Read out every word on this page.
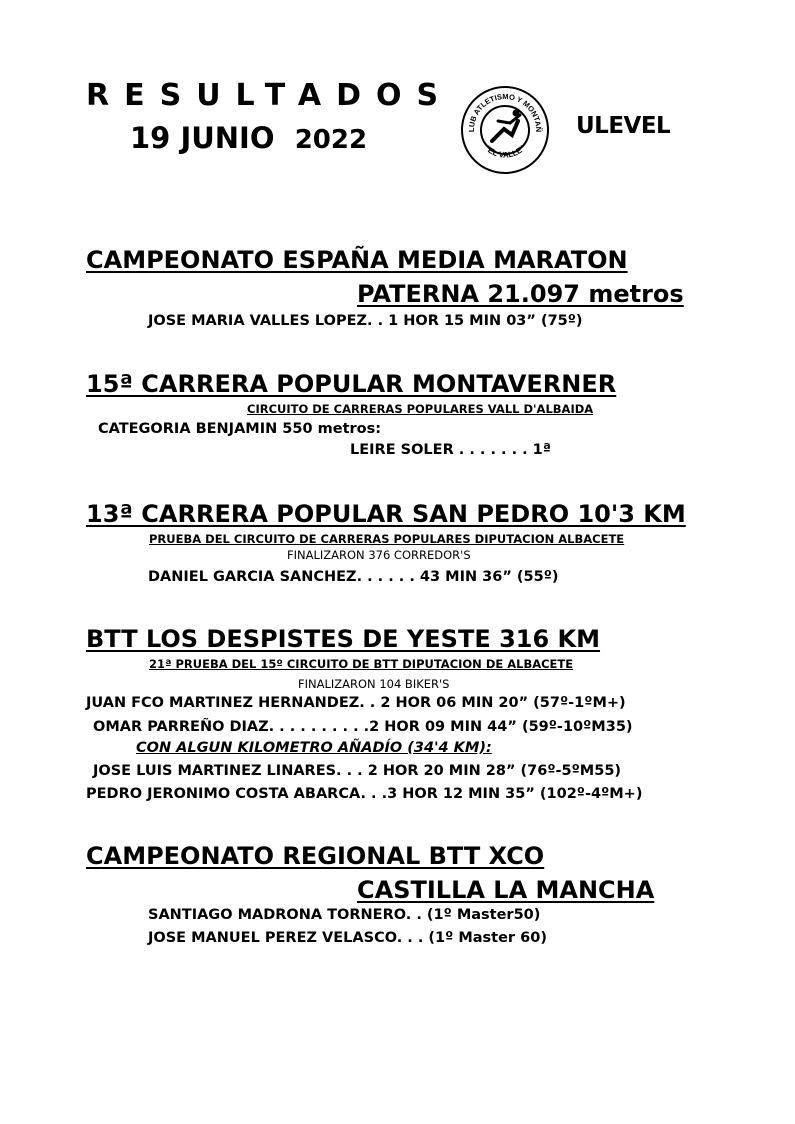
RESULTADOS
19 JUNIO 2022	LUB ATLETISMO Y MONTAÑ
"EL VALLE"
ULEVEL
CAMPEONATO ESPAÑA MEDIA MARATON
PATERNA 21.097 metros
JOSE MARIA VALLES LOPEZ. . 1 HOR 15 MIN 03” (75º)
15ª CARRERA POPULAR MONTAVERNER
CIRCUITO DE CARRERAS POPULARES VALL D'ALBAIDA
CATEGORIA BENJAMIN 550 metros:
LEIRE SOLER . . . . . . . 1ª
13ª CARRERA POPULAR SAN PEDRO 10'3 KM
PRUEBA DEL CIRCUITO DE CARRERAS POPULARES DIPUTACION ALBACETE
FINALIZARON 376 CORREDOR'S
DANIEL GARCIA SANCHEZ. . . . . . 43 MIN 36” (55º)
BTT LOS DESPISTES DE YESTE 316 KM
21ª PRUEBA DEL 15º CIRCUITO DE BTT DIPUTACION DE ALBACETE
FINALIZARON 104 BIKER'S
JUAN FCO MARTINEZ HERNANDEZ. . 2 HOR 06 MIN 20” (57º-1ºM+)
OMAR PARREÑO DIAZ. . . . . . . . . .2 HOR 09 MIN 44” (59º-10ºM35)
CON ALGUN KILOMETRO AÑADÍO (34'4 KM):
JOSE LUIS MARTINEZ LINARES. . . 2 HOR 20 MIN 28” (76º-5ºM55)
PEDRO JERONIMO COSTA ABARCA. . .3 HOR 12 MIN 35” (102º-4ºM+)
CAMPEONATO REGIONAL BTT XCO
CASTILLA LA MANCHA
SANTIAGO MADRONA TORNERO. . (1º Master50)
JOSE MANUEL PEREZ VELASCO. . . (1º Master 60)
